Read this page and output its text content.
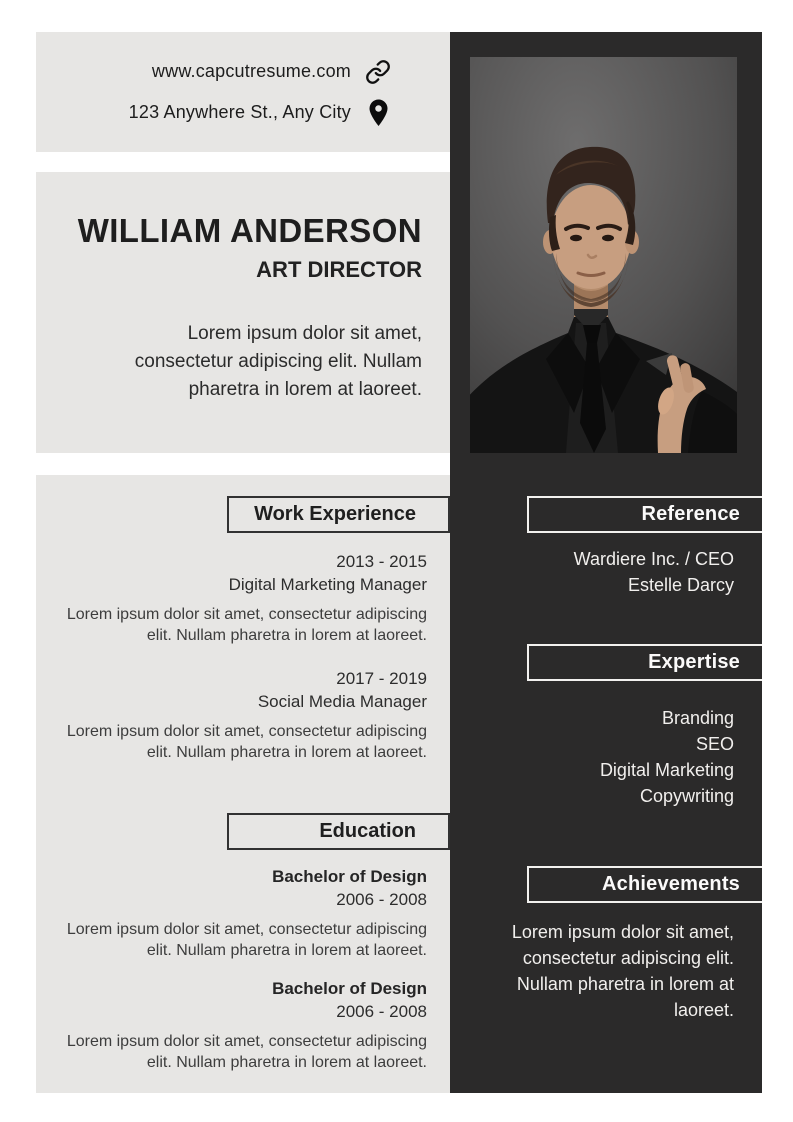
www.capcutresume.com
123 Anywhere St., Any City
WILLIAM ANDERSON
ART DIRECTOR
Lorem ipsum dolor sit amet, consectetur adipiscing elit. Nullam pharetra in lorem at laoreet.
Work Experience
2013 - 2015
Digital Marketing Manager
Lorem ipsum dolor sit amet, consectetur adipiscing elit. Nullam pharetra in lorem at laoreet.
2017 - 2019
Social Media Manager
Lorem ipsum dolor sit amet, consectetur adipiscing elit. Nullam pharetra in lorem at laoreet.
Education
Bachelor of Design
2006 - 2008
Lorem ipsum dolor sit amet, consectetur adipiscing elit. Nullam pharetra in lorem at laoreet.
Bachelor of Design
2006 - 2008
Lorem ipsum dolor sit amet, consectetur adipiscing elit. Nullam pharetra in lorem at laoreet.
Reference
Wardiere Inc. / CEO
Estelle Darcy
Expertise
Branding
SEO
Digital Marketing
Copywriting
Achievements
Lorem ipsum dolor sit amet, consectetur adipiscing elit. Nullam pharetra in lorem at laoreet.
